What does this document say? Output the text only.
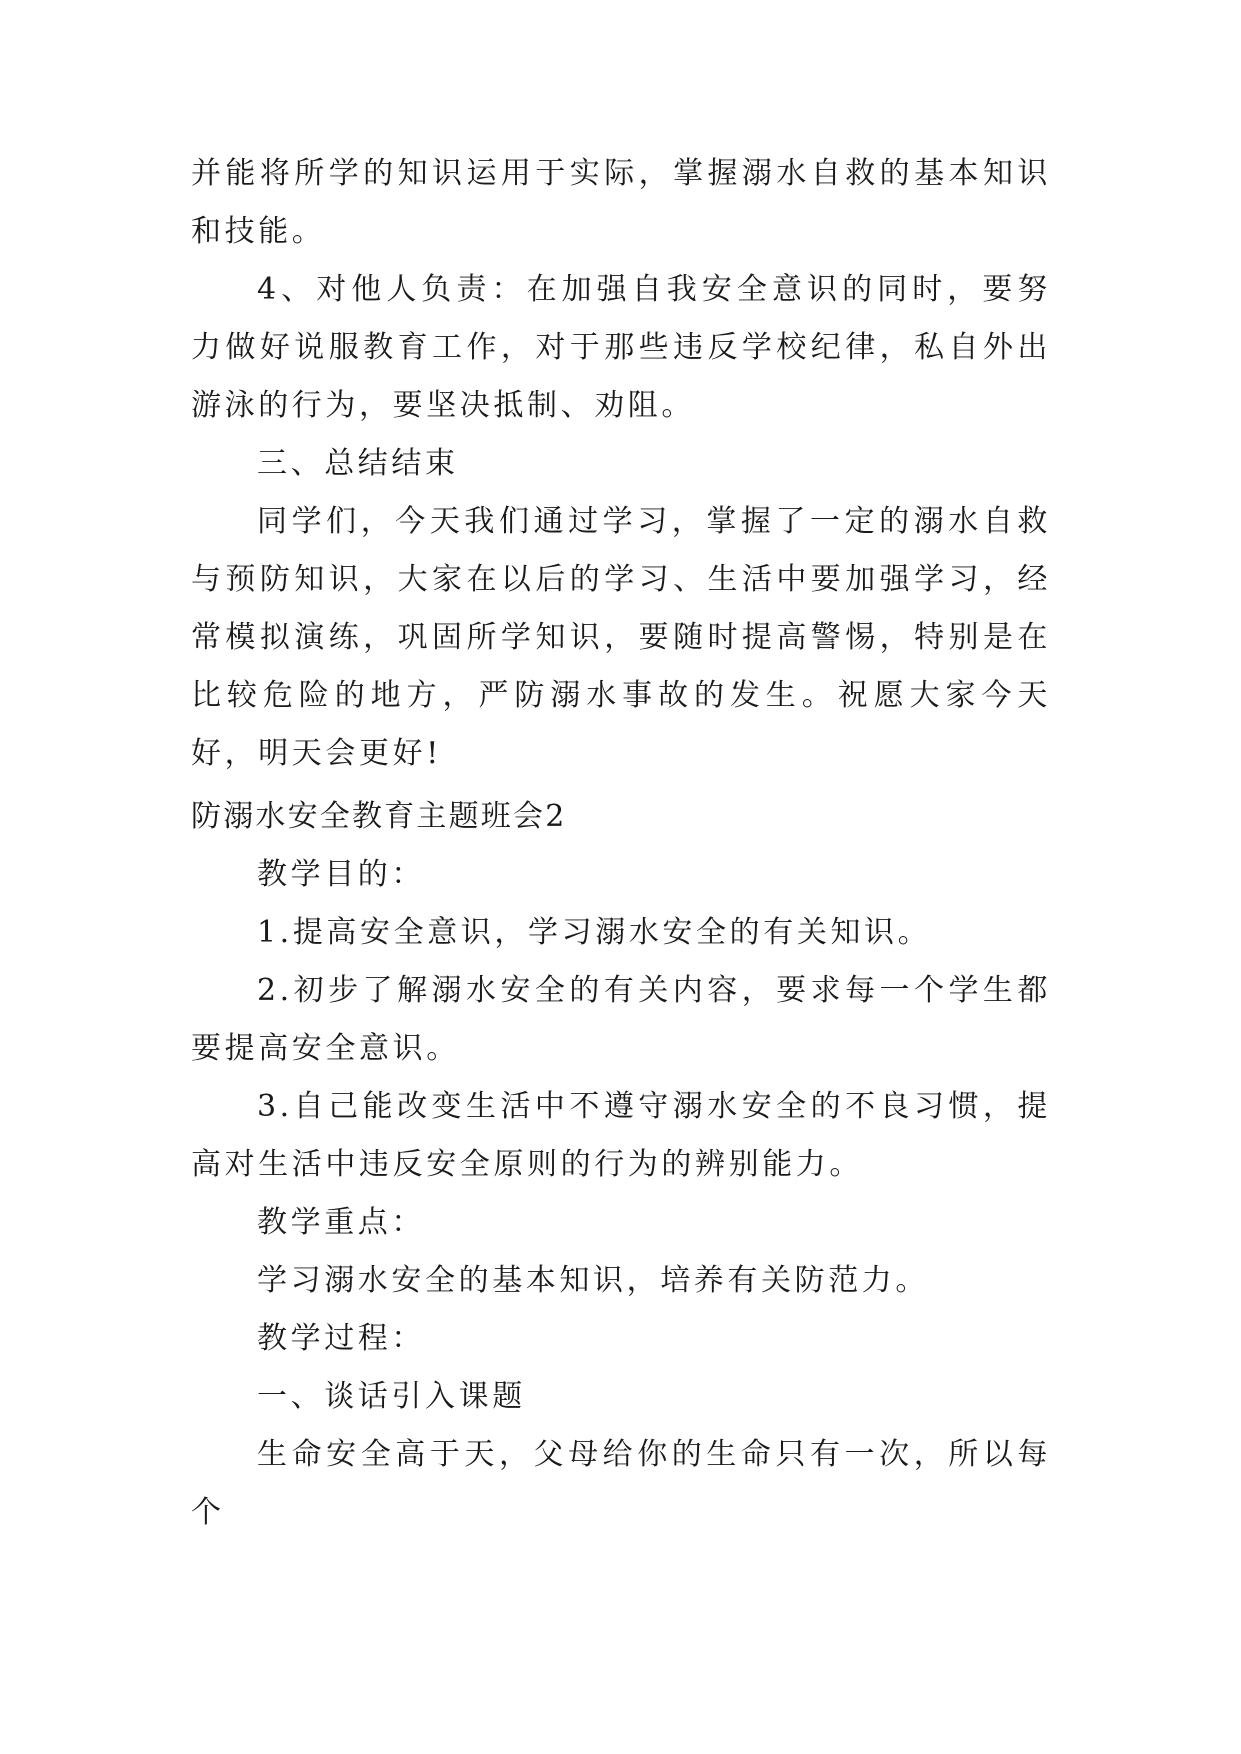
并能将所学的知识运用于实际，掌握溺水自救的基本知识和技能。

4、对他人负责：在加强自我安全意识的同时，要努力做好说服教育工作，对于那些违反学校纪律，私自外出游泳的行为，要坚决抵制、劝阻。

三、总结结束

同学们，今天我们通过学习，掌握了一定的溺水自救与预防知识，大家在以后的学习、生活中要加强学习，经常模拟演练，巩固所学知识，要随时提高警惕，特别是在比较危险的地方，严防溺水事故的发生。祝愿大家今天好，明天会更好!

防溺水安全教育主题班会2

教学目的：

1.提高安全意识，学习溺水安全的有关知识。

2.初步了解溺水安全的有关内容，要求每一个学生都要提高安全意识。

3.自己能改变生活中不遵守溺水安全的不良习惯，提高对生活中违反安全原则的行为的辨别能力。

教学重点：

学习溺水安全的基本知识，培养有关防范力。

教学过程：

一、谈话引入课题

生命安全高于天，父母给你的生命只有一次，所以每个
